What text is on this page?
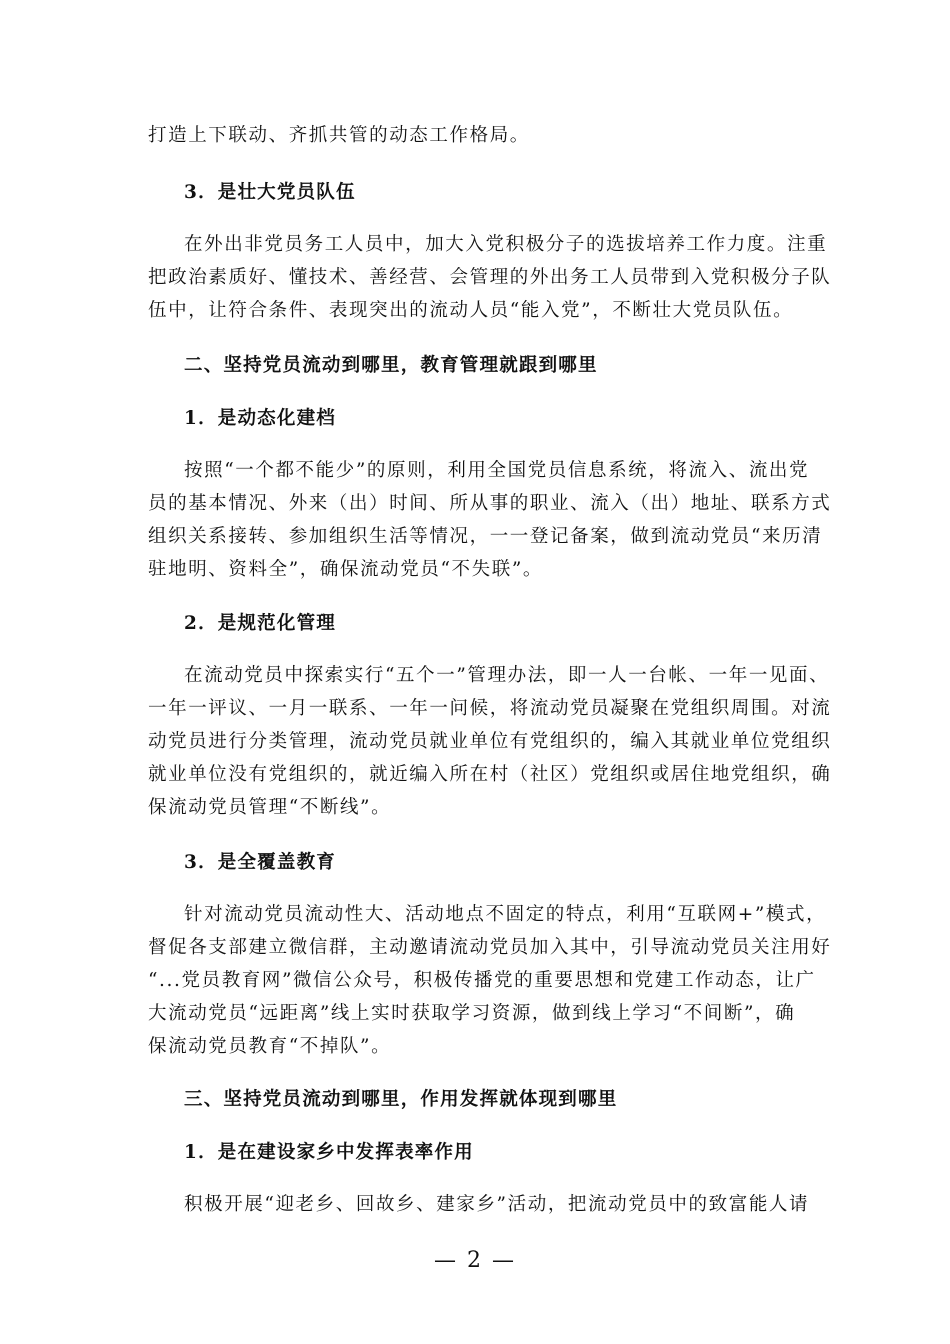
打造上下联动、齐抓共管的动态工作格局。
3．是壮大党员队伍
在外出非党员务工人员中，加大入党积极分子的选拔培养工作力度。注重
把政治素质好、懂技术、善经营、会管理的外出务工人员带到入党积极分子队
伍中，让符合条件、表现突出的流动人员“能入党”，不断壮大党员队伍。
二、坚持党员流动到哪里，教育管理就跟到哪里
1．是动态化建档
按照“一个都不能少”的原则，利用全国党员信息系统，将流入、流出党
员的基本情况、外来（出）时间、所从事的职业、流入（出）地址、联系方式
组织关系接转、参加组织生活等情况，一一登记备案，做到流动党员“来历清
驻地明、资料全”，确保流动党员“不失联”。
2．是规范化管理
在流动党员中探索实行“五个一”管理办法，即一人一台帐、一年一见面、
一年一评议、一月一联系、一年一问候，将流动党员凝聚在党组织周围。对流
动党员进行分类管理，流动党员就业单位有党组织的，编入其就业单位党组织
就业单位没有党组织的，就近编入所在村（社区）党组织或居住地党组织，确
保流动党员管理“不断线”。
3．是全覆盖教育
针对流动党员流动性大、活动地点不固定的特点，利用“互联网+”模式，
督促各支部建立微信群，主动邀请流动党员加入其中，引导流动党员关注用好
“...党员教育网”微信公众号，积极传播党的重要思想和党建工作动态，让广
大流动党员“远距离”线上实时获取学习资源，做到线上学习“不间断”，确
保流动党员教育“不掉队”。
三、坚持党员流动到哪里，作用发挥就体现到哪里
1．是在建设家乡中发挥表率作用
积极开展“迎老乡、回故乡、建家乡”活动，把流动党员中的致富能人请
— 2 —
